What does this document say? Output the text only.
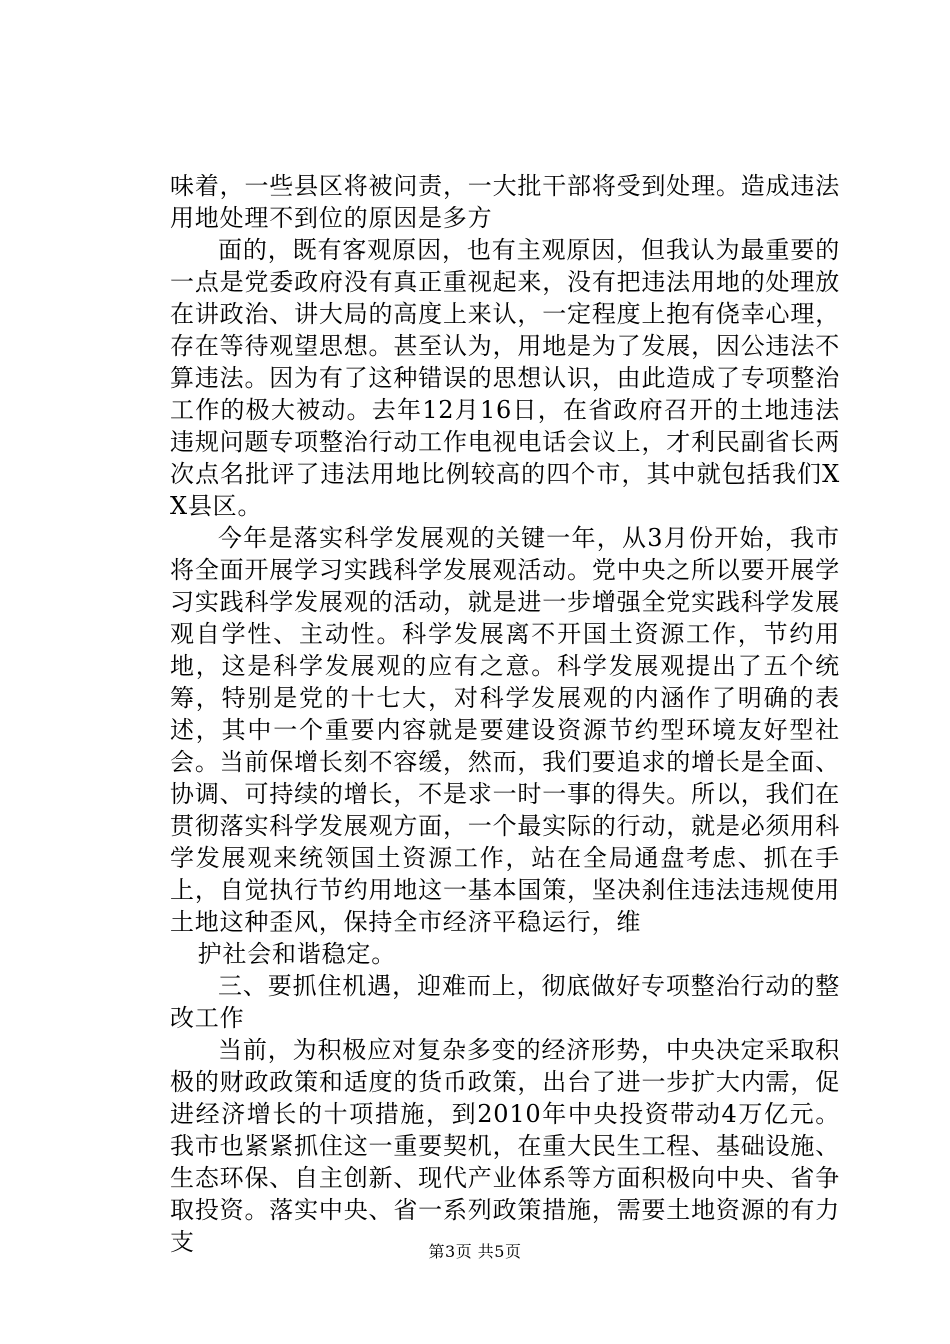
味着，一些县区将被问责，一大批干部将受到处理。造成违法用地处理不到位的原因是多方

面的，既有客观原因，也有主观原因，但我认为最重要的一点是党委政府没有真正重视起来，没有把违法用地的处理放在讲政治、讲大局的高度上来认，一定程度上抱有侥幸心理，存在等待观望思想。甚至认为，用地是为了发展，因公违法不算违法。因为有了这种错误的思想认识，由此造成了专项整治工作的极大被动。去年12月16日，在省政府召开的土地违法违规问题专项整治行动工作电视电话会议上，才利民副省长两次点名批评了违法用地比例较高的四个市，其中就包括我们XX县区。

今年是落实科学发展观的关键一年，从3月份开始，我市将全面开展学习实践科学发展观活动。党中央之所以要开展学习实践科学发展观的活动，就是进一步增强全党实践科学发展观自学性、主动性。科学发展离不开国土资源工作，节约用地，这是科学发展观的应有之意。科学发展观提出了五个统筹，特别是党的十七大，对科学发展观的内涵作了明确的表述，其中一个重要内容就是要建设资源节约型环境友好型社会。当前保增长刻不容缓，然而，我们要追求的增长是全面、协调、可持续的增长，不是求一时一事的得失。所以，我们在贯彻落实科学发展观方面，一个最实际的行动，就是必须用科学发展观来统领国土资源工作，站在全局通盘考虑、抓在手上，自觉执行节约用地这一基本国策，坚决刹住违法违规使用土地这种歪风，保持全市经济平稳运行，维

护社会和谐稳定。

三、要抓住机遇，迎难而上，彻底做好专项整治行动的整改工作

当前，为积极应对复杂多变的经济形势，中央决定采取积极的财政政策和适度的货币政策，出台了进一步扩大内需，促进经济增长的十项措施，到2010年中央投资带动4万亿元。我市也紧紧抓住这一重要契机，在重大民生工程、基础设施、生态环保、自主创新、现代产业体系等方面积极向中央、省争取投资。落实中央、省一系列政策措施，需要土地资源的有力支	第3页 共5页
